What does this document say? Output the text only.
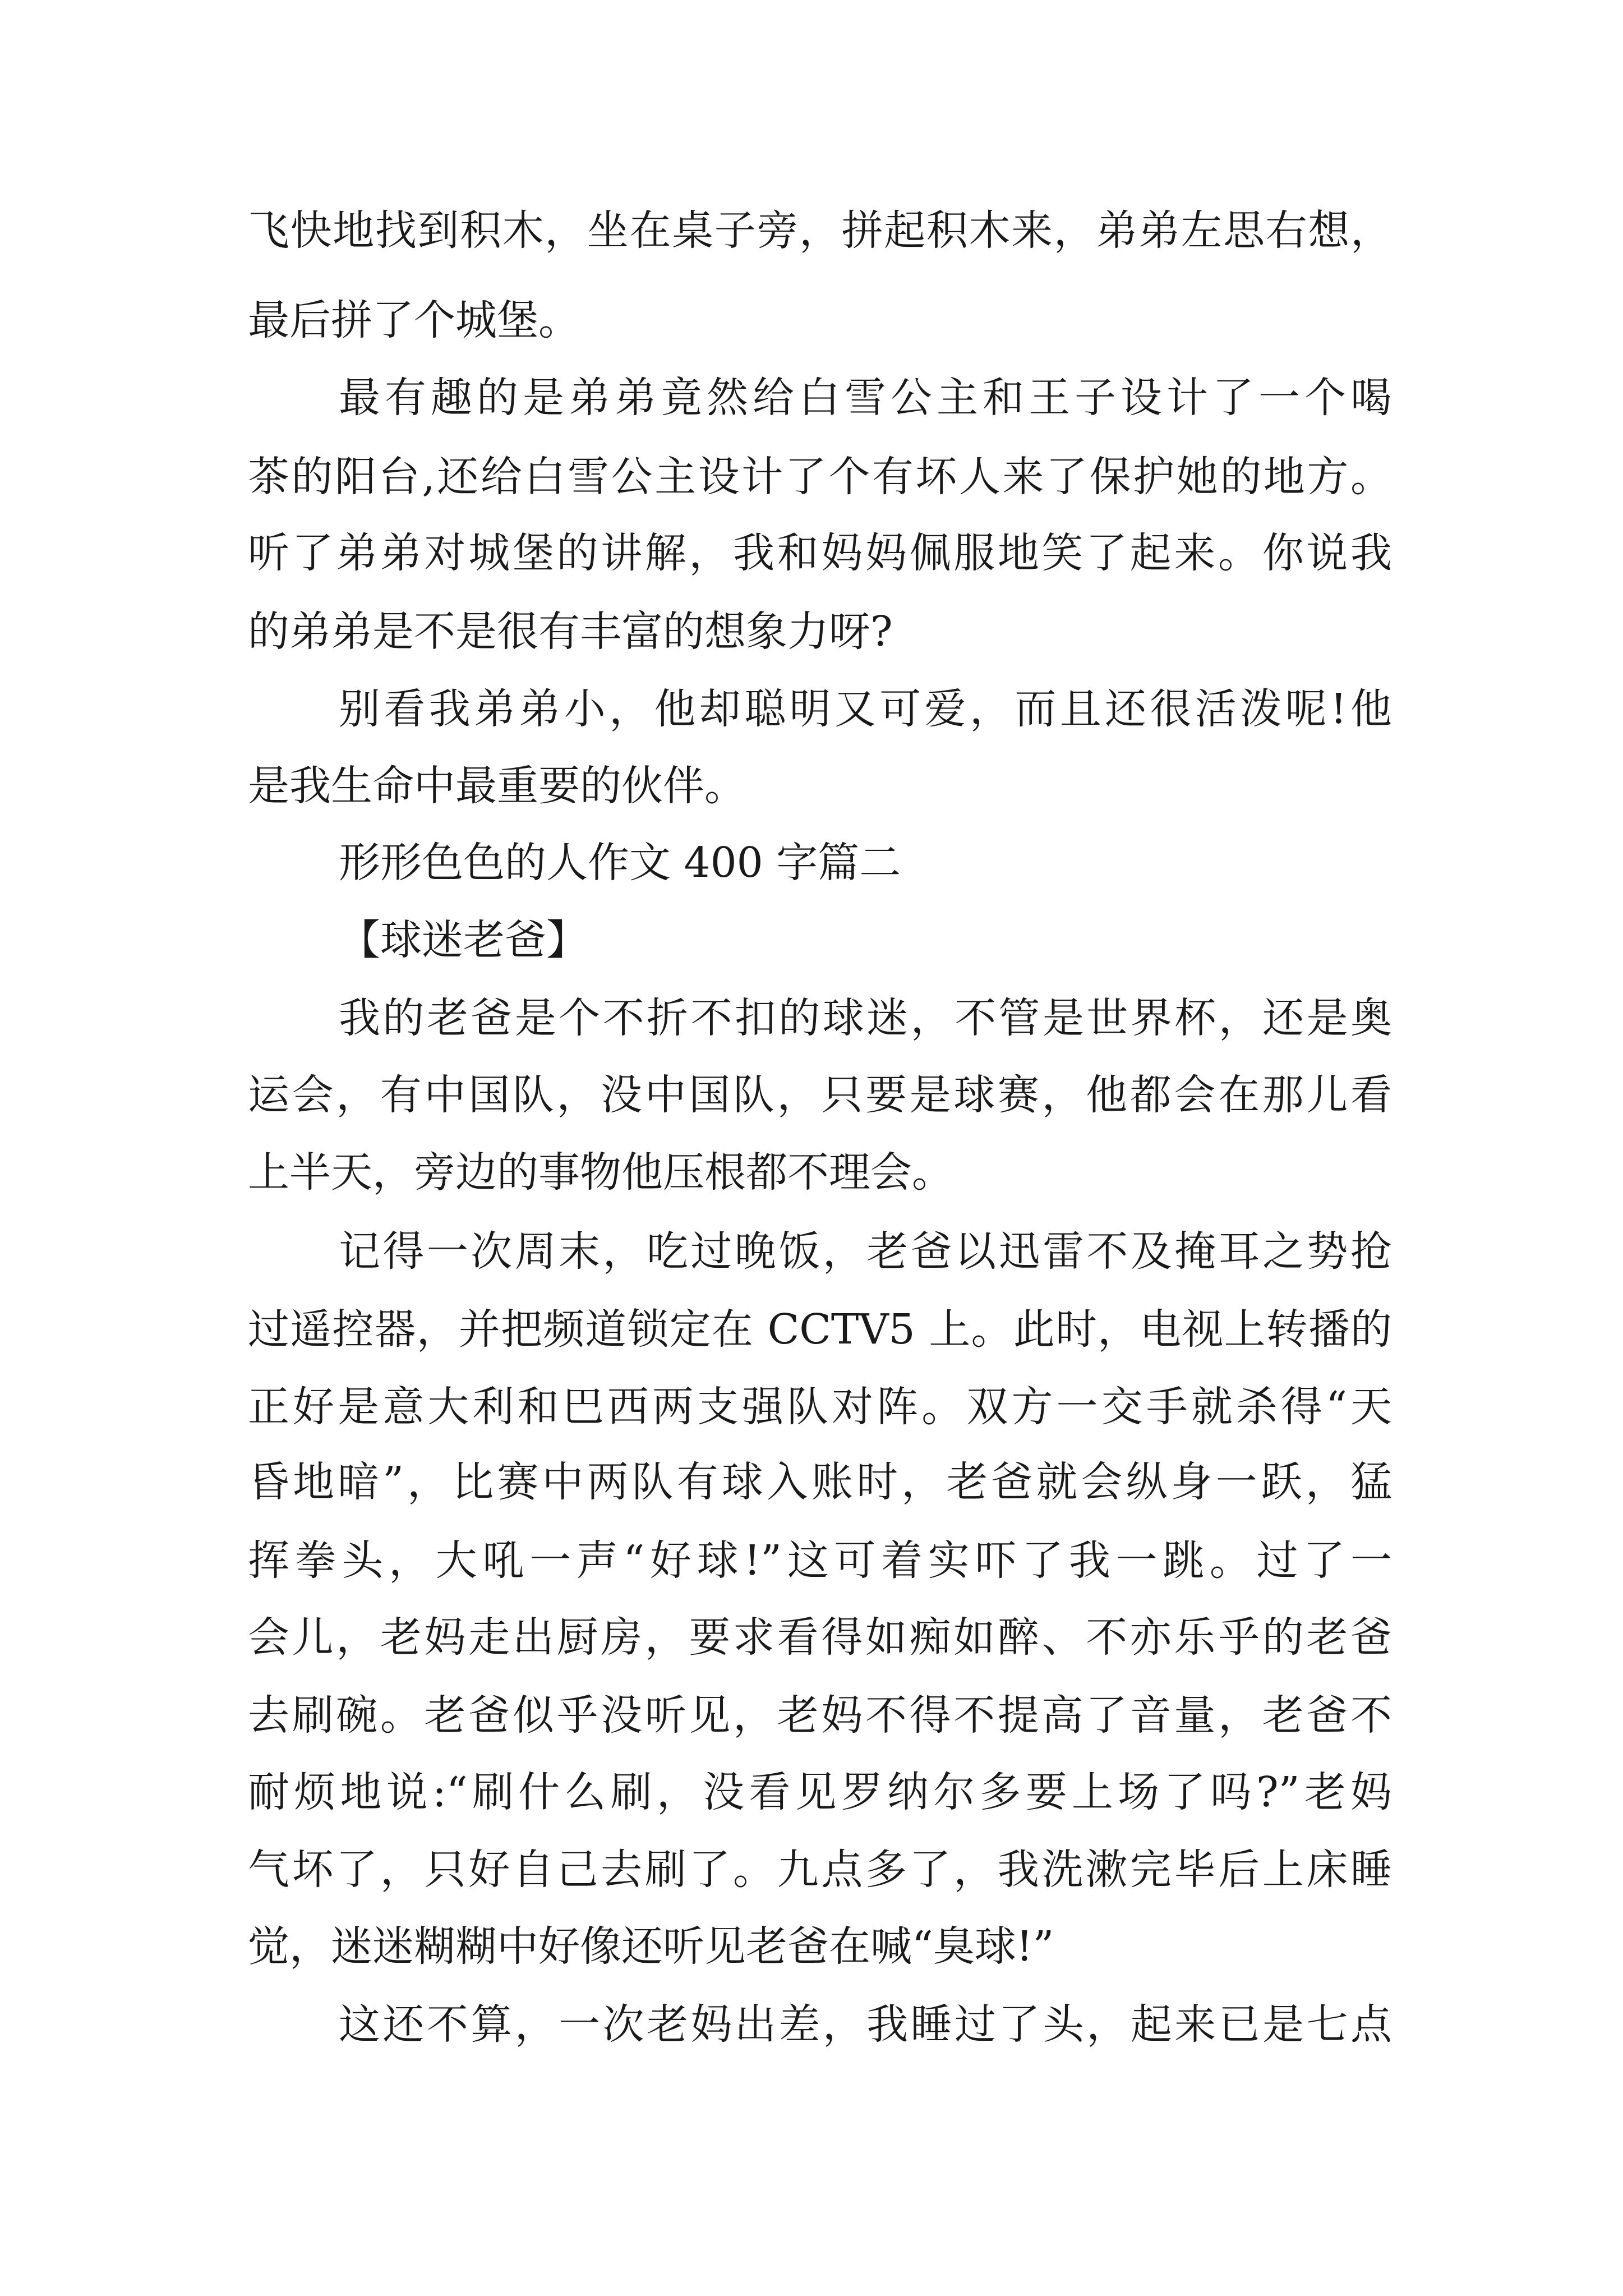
飞快地找到积木，坐在桌子旁，拼起积木来，弟弟左思右想，
最后拼了个城堡。
最有趣的是弟弟竟然给白雪公主和王子设计了一个喝
茶的阳台,还给白雪公主设计了个有坏人来了保护她的地方。
听了弟弟对城堡的讲解，我和妈妈佩服地笑了起来。你说我
的弟弟是不是很有丰富的想象力呀?
别看我弟弟小，他却聪明又可爱，而且还很活泼呢!他
是我生命中最重要的伙伴。
形形色色的人作文 400 字篇二
【球迷老爸】
我的老爸是个不折不扣的球迷，不管是世界杯，还是奥
运会，有中国队，没中国队，只要是球赛，他都会在那儿看
上半天，旁边的事物他压根都不理会。
记得一次周末，吃过晚饭，老爸以迅雷不及掩耳之势抢
过遥控器，并把频道锁定在 CCTV5 上。此时，电视上转播的
正好是意大利和巴西两支强队对阵。双方一交手就杀得“天
昏地暗”，比赛中两队有球入账时，老爸就会纵身一跃，猛
挥拳头，大吼一声“好球!”这可着实吓了我一跳。过了一
会儿，老妈走出厨房，要求看得如痴如醉、不亦乐乎的老爸
去刷碗。老爸似乎没听见，老妈不得不提高了音量，老爸不
耐烦地说:“刷什么刷，没看见罗纳尔多要上场了吗?”老妈
气坏了，只好自己去刷了。九点多了，我洗漱完毕后上床睡
觉，迷迷糊糊中好像还听见老爸在喊“臭球!”
这还不算，一次老妈出差，我睡过了头，起来已是七点
